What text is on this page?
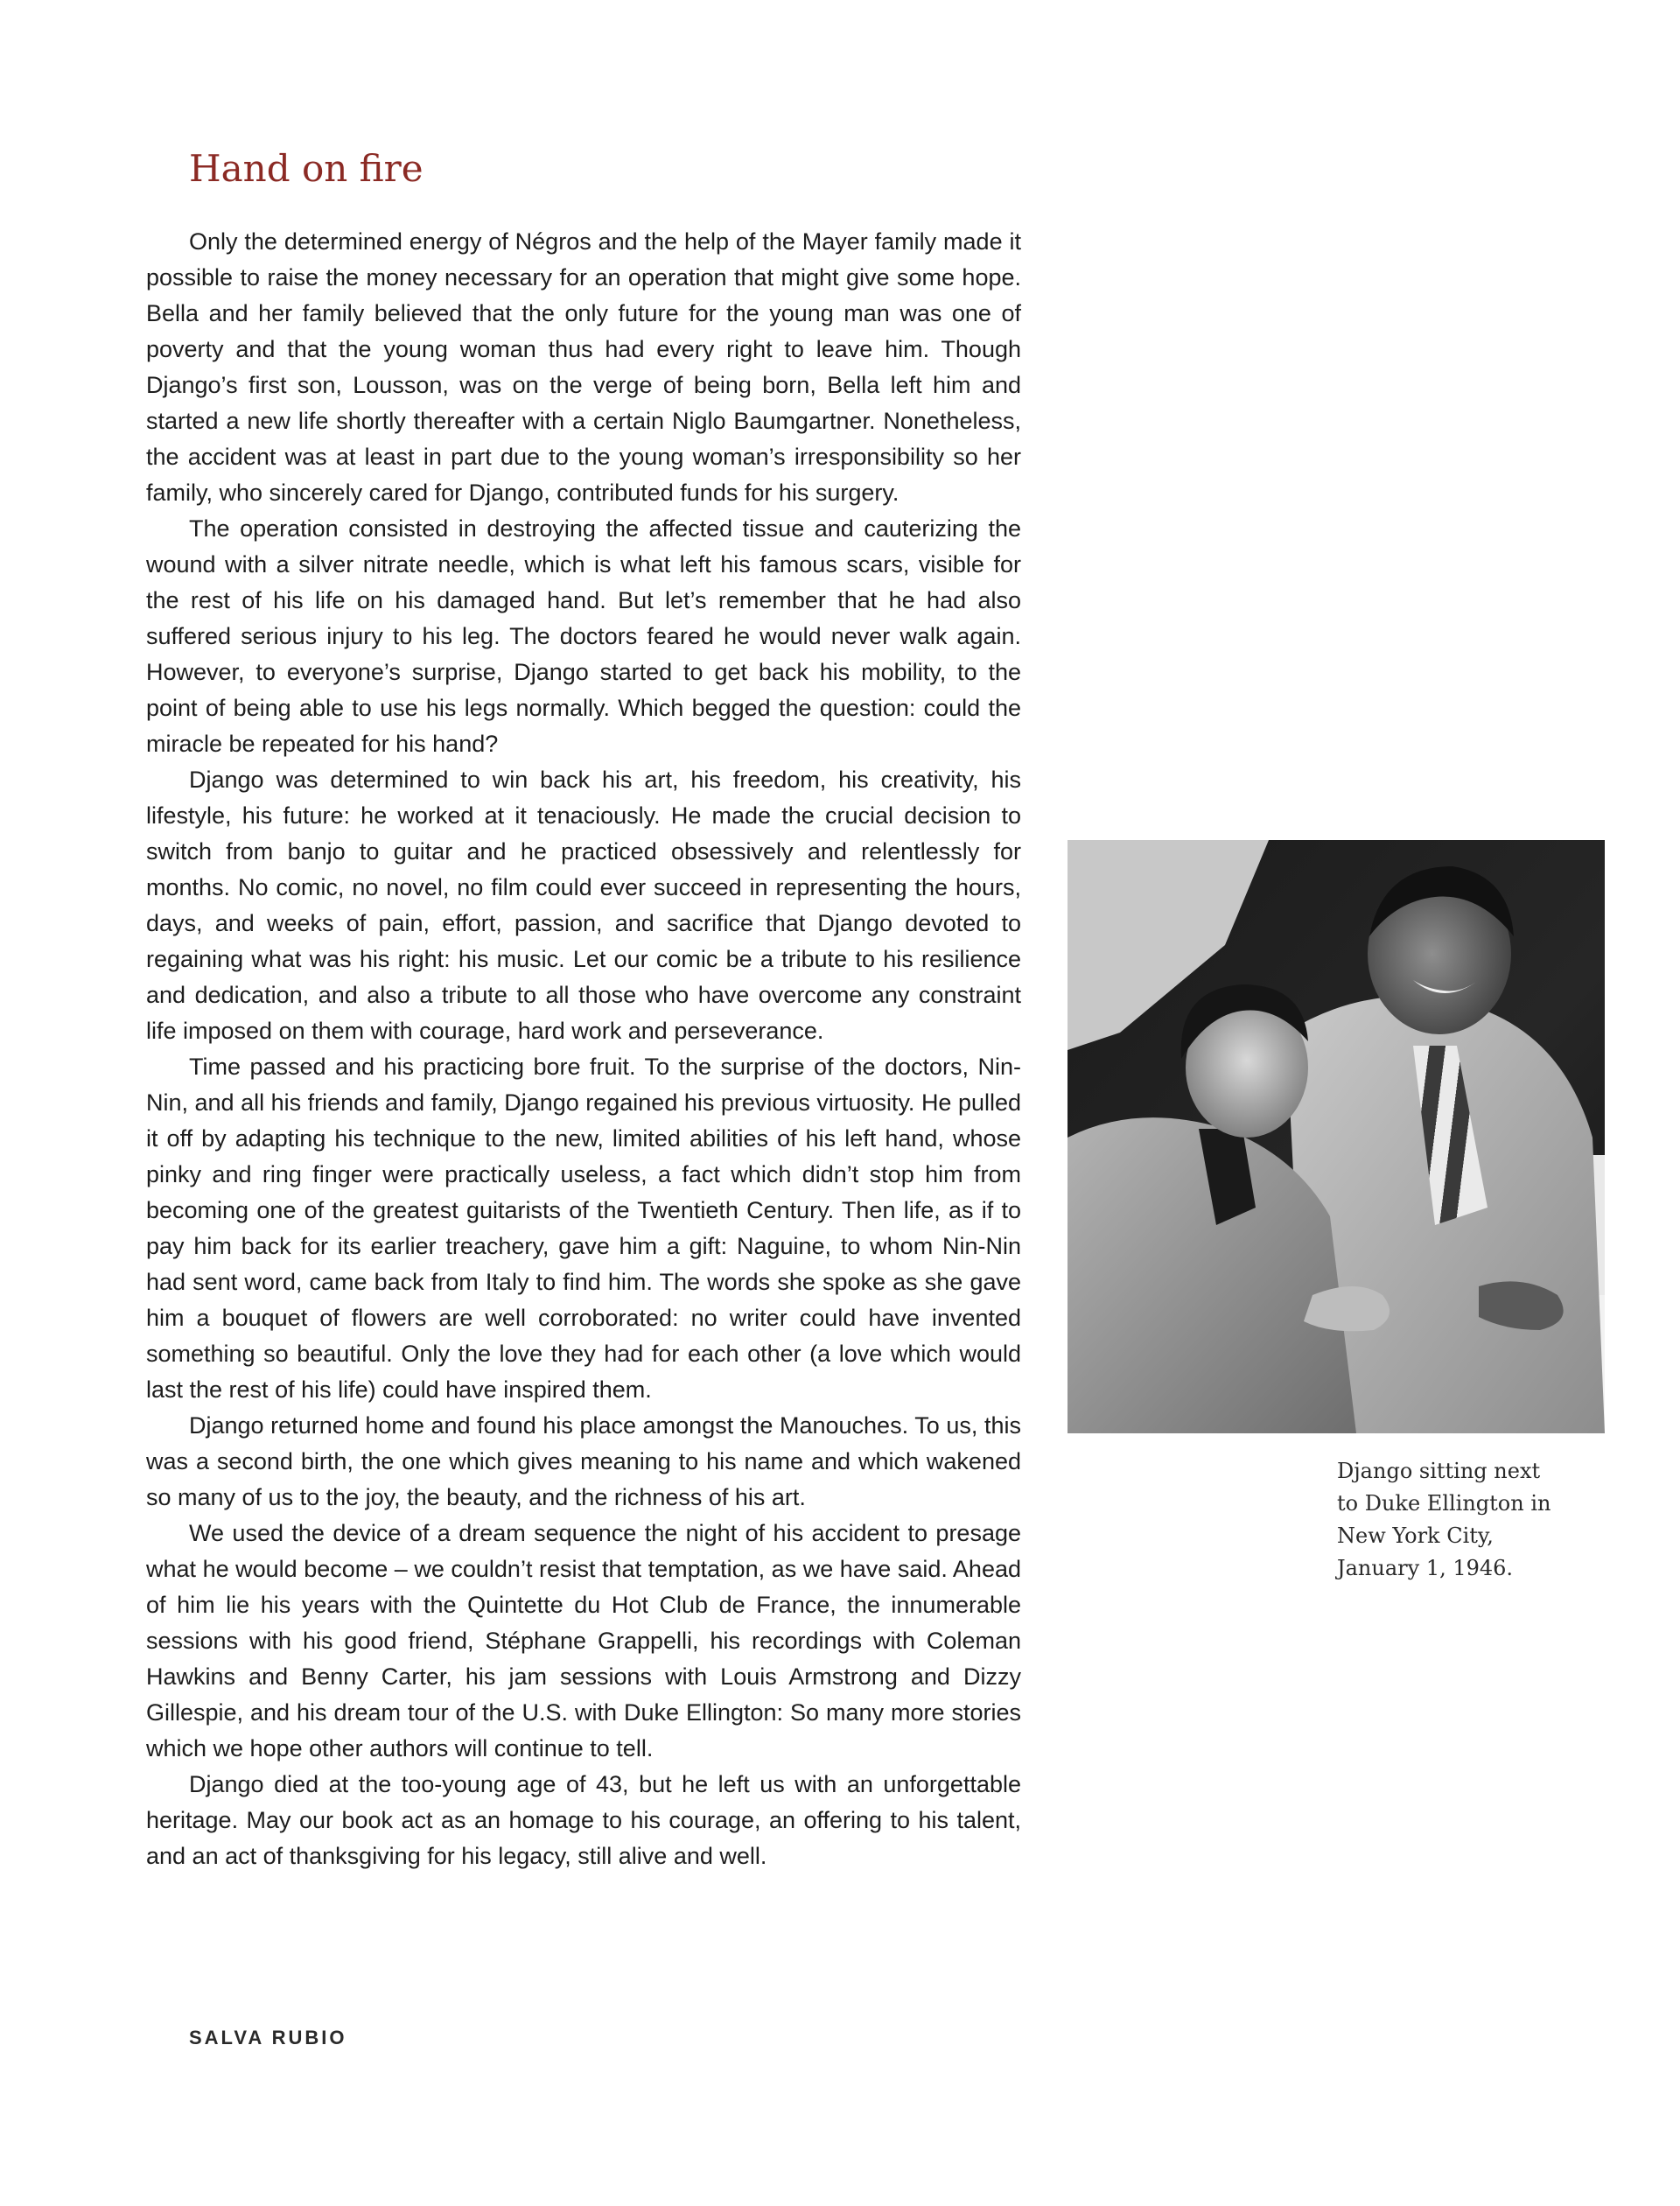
Hand on fire

Only the determined energy of Négros and the help of the Mayer family made it possible to raise the money necessary for an operation that might give some hope. Bella and her family believed that the only future for the young man was one of poverty and that the young woman thus had every right to leave him. Though Django’s first son, Lousson, was on the verge of being born, Bella left him and started a new life shortly thereafter with a certain Niglo Baumgartner. Nonetheless, the accident was at least in part due to the young woman’s irresponsibility so her family, who sincerely cared for Django, contributed funds for his surgery.

The operation consisted in destroying the affected tissue and cauterizing the wound with a silver nitrate needle, which is what left his famous scars, visible for the rest of his life on his damaged hand. But let’s remember that he had also suffered serious injury to his leg. The doctors feared he would never walk again. However, to everyone’s surprise, Django started to get back his mobility, to the point of being able to use his legs normally. Which begged the question: could the miracle be repeated for his hand?

Django was determined to win back his art, his freedom, his creativity, his lifestyle, his future: he worked at it tenaciously. He made the crucial decision to switch from banjo to guitar and he practiced obsessively and relentlessly for months. No comic, no novel, no film could ever succeed in representing the hours, days, and weeks of pain, effort, passion, and sacrifice that Django devoted to regaining what was his right: his music. Let our comic be a tribute to his resilience and dedication, and also a tribute to all those who have overcome any constraint life imposed on them with courage, hard work and perseverance.

Time passed and his practicing bore fruit. To the surprise of the doctors, Nin-Nin, and all his friends and family, Django regained his previous virtuosity. He pulled it off by adapting his technique to the new, limited abilities of his left hand, whose pinky and ring finger were practically useless, a fact which didn’t stop him from becoming one of the greatest guitarists of the Twentieth Century. Then life, as if to pay him back for its earlier treachery, gave him a gift: Naguine, to whom Nin-Nin had sent word, came back from Italy to find him. The words she spoke as she gave him a bouquet of flowers are well corroborated: no writer could have invented something so beautiful. Only the love they had for each other (a love which would last the rest of his life) could have inspired them.

Django returned home and found his place amongst the Manouches. To us, this was a second birth, the one which gives meaning to his name and which wakened so many of us to the joy, the beauty, and the richness of his art.

We used the device of a dream sequence the night of his accident to presage what he would become – we couldn’t resist that temptation, as we have said. Ahead of him lie his years with the Quintette du Hot Club de France, the innumerable sessions with his good friend, Stéphane Grappelli, his recordings with Coleman Hawkins and Benny Carter, his jam sessions with Louis Armstrong and Dizzy Gillespie, and his dream tour of the U.S. with Duke Ellington: So many more stories which we hope other authors will continue to tell.

Django died at the too-young age of 43, but he left us with an unforgettable heritage. May our book act as an homage to his courage, an offering to his talent, and an act of thanksgiving for his legacy, still alive and well.

Django sitting next
to Duke Ellington in
New York City,
January 1, 1946.
SALVA RUBIO
